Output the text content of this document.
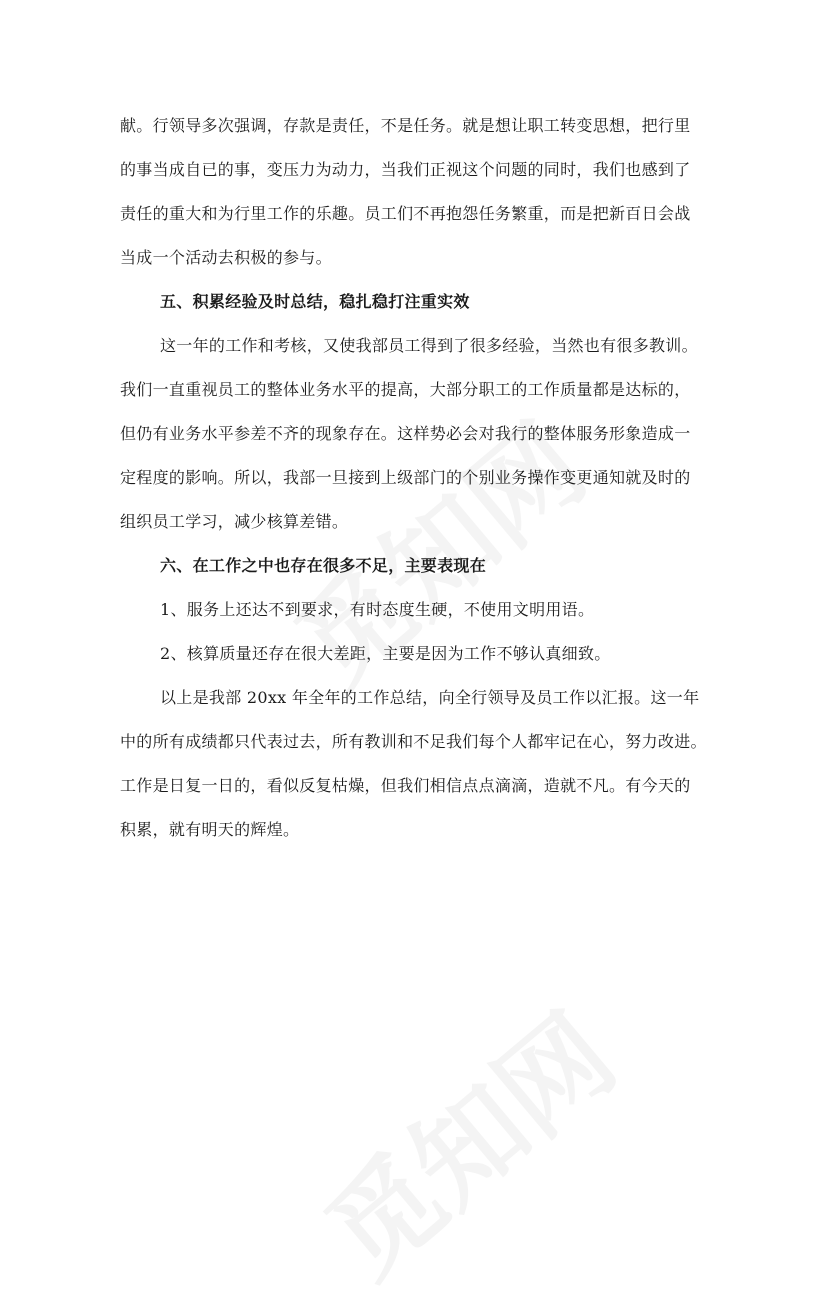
献。行领导多次强调，存款是责任，不是任务。就是想让职工转变思想，把行里
的事当成自已的事，变压力为动力，当我们正视这个问题的同时，我们也感到了
责任的重大和为行里工作的乐趣。员工们不再抱怨任务繁重，而是把新百日会战
当成一个活动去积极的参与。
五、积累经验及时总结，稳扎稳打注重实效
这一年的工作和考核，又使我部员工得到了很多经验，当然也有很多教训。
我们一直重视员工的整体业务水平的提高，大部分职工的工作质量都是达标的，
但仍有业务水平参差不齐的现象存在。这样势必会对我行的整体服务形象造成一
定程度的影响。所以，我部一旦接到上级部门的个别业务操作变更通知就及时的
组织员工学习，减少核算差错。
六、在工作之中也存在很多不足，主要表现在
1、服务上还达不到要求，有时态度生硬，不使用文明用语。
2、核算质量还存在很大差距，主要是因为工作不够认真细致。
以上是我部 20xx 年全年的工作总结，向全行领导及员工作以汇报。这一年
中的所有成绩都只代表过去，所有教训和不足我们每个人都牢记在心，努力改进。
工作是日复一日的，看似反复枯燥，但我们相信点点滴滴，造就不凡。有今天的
积累，就有明天的辉煌。
